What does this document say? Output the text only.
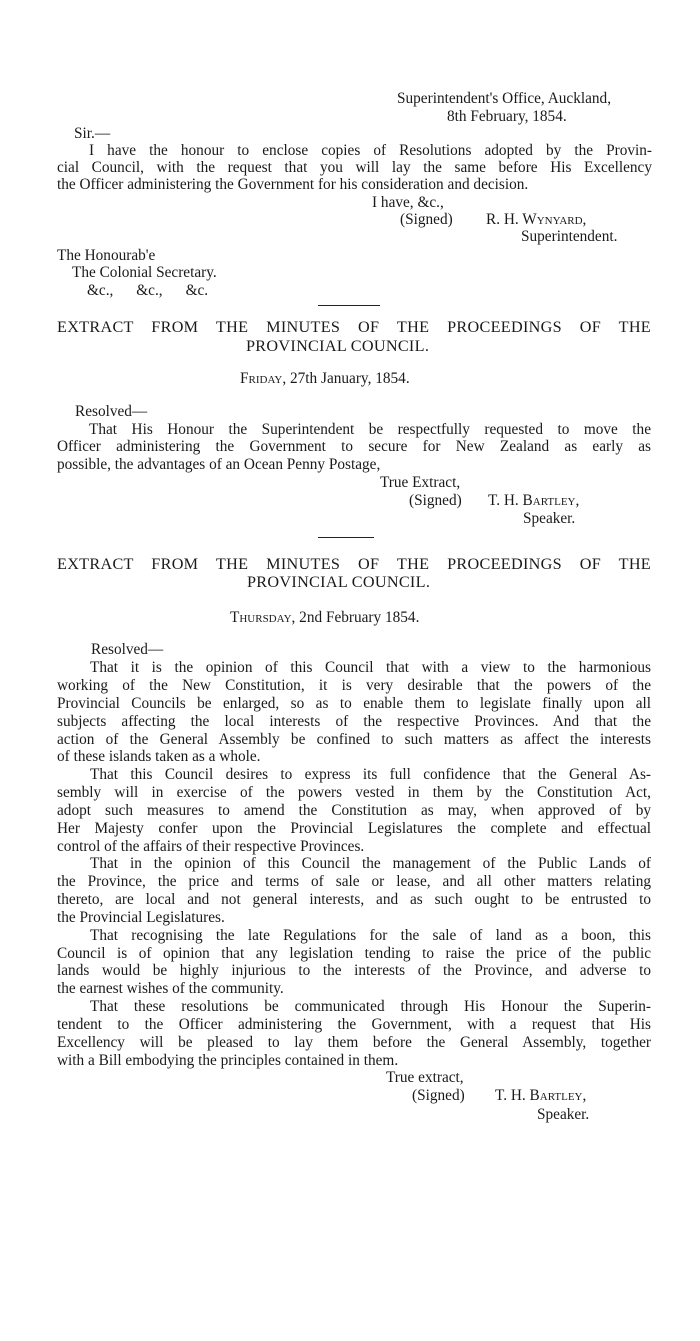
Superintendent's Office, Auckland,
8th February, 1854.
Sir.—
I have the honour to enclose copies of Resolutions adopted by the Provin-
cial Council, with the request that you will lay the same before His Excellency
the Officer administering the Government for his consideration and decision.
I have, &c.,
(Signed) R. H. Wynyard,
Superintendent.
The Honourab'e
The Colonial Secretary.
&c.,      &c.,      &c.
EXTRACT FROM THE MINUTES OF THE PROCEEDINGS OF THE
PROVINCIAL COUNCIL.
Friday, 27th January, 1854.
Resolved—
That His Honour the Superintendent be respectfully requested to move the
Officer administering the Government to secure for New Zealand as early as
possible, the advantages of an Ocean Penny Postage,
True Extract,
(Signed) T. H. Bartley,
Speaker.
EXTRACT FROM THE MINUTES OF THE PROCEEDINGS OF THE
PROVINCIAL COUNCIL.
Thursday, 2nd February 1854.
Resolved—
That it is the opinion of this Council that with a view to the harmonious
working of the New Constitution, it is very desirable that the powers of the
Provincial Councils be enlarged, so as to enable them to legislate finally upon all
subjects affecting the local interests of the respective Provinces. And that the
action of the General Assembly be confined to such matters as affect the interests
of these islands taken as a whole.
That this Council desires to express its full confidence that the General As-
sembly will in exercise of the powers vested in them by the Constitution Act,
adopt such measures to amend the Constitution as may, when approved of by
Her Majesty confer upon the Provincial Legislatures the complete and effectual
control of the affairs of their respective Provinces.
That in the opinion of this Council the management of the Public Lands of
the Province, the price and terms of sale or lease, and all other matters relating
thereto, are local and not general interests, and as such ought to be entrusted to
the Provincial Legislatures.
That recognising the late Regulations for the sale of land as a boon, this
Council is of opinion that any legislation tending to raise the price of the public
lands would be highly injurious to the interests of the Province, and adverse to
the earnest wishes of the community.
That these resolutions be communicated through His Honour the Superin-
tendent to the Officer administering the Government, with a request that His
Excellency will be pleased to lay them before the General Assembly, together
with a Bill embodying the principles contained in them.
True extract,
(Signed) T. H. Bartley,
Speaker.
